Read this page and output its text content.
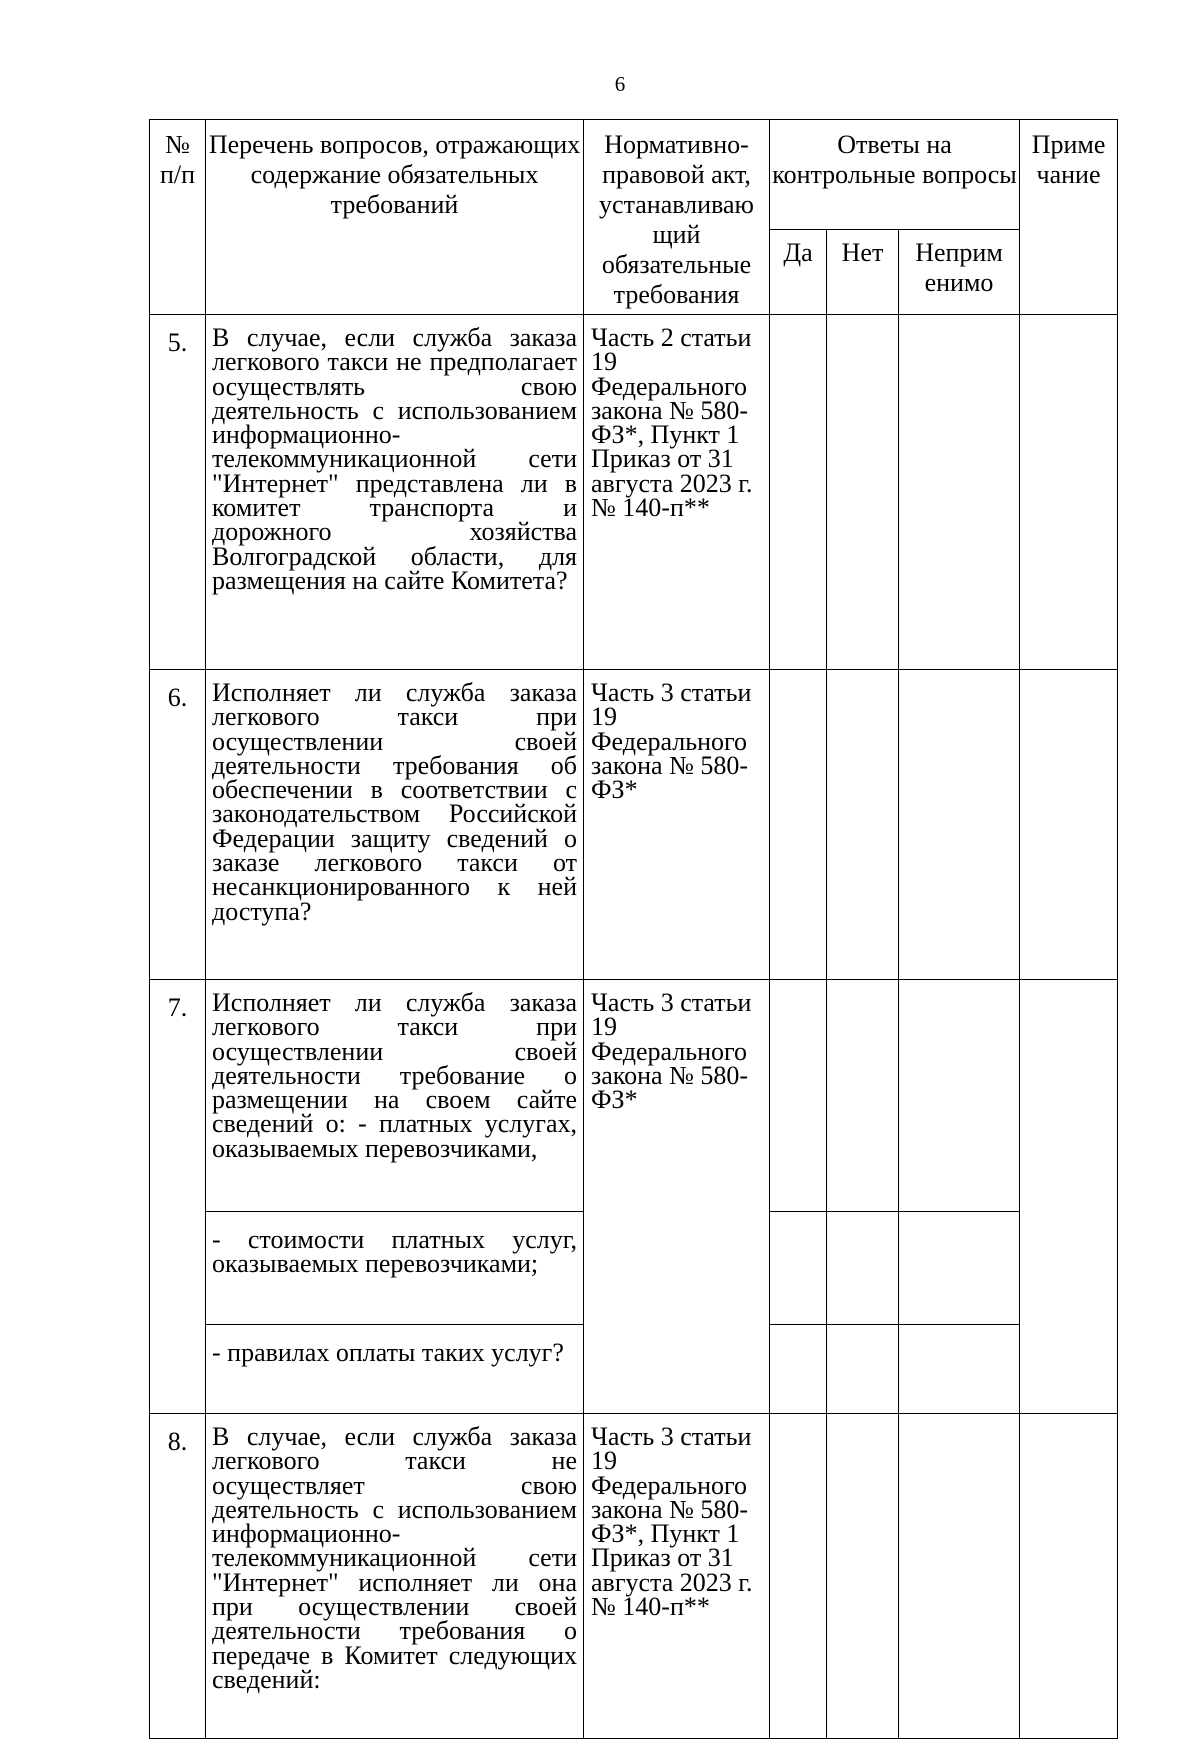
6
№ п/п	Перечень вопросов, отражающих содержание обязательных требований	Нормативно-правовой акт, устанавливаю щий обязательные требования	Ответы на контрольные вопросы			Приме чание
			Да	Нет	Неприм енимо	
5.	В случае, если служба заказа легкового такси не предполагает осуществлять свою деятельность с использованием информационно-телекоммуникационной сети "Интернет" представлена ли в комитет транспорта и дорожного хозяйства Волгоградской области, для размещения на сайте Комитета?	Часть 2 статьи 19 Федерального закона № 580-ФЗ*, Пункт 1 Приказ от 31 августа 2023 г. № 140-п**				
6.	Исполняет ли служба заказа легкового такси при осуществлении своей деятельности требования об обеспечении в соответствии с законодательством Российской Федерации защиту сведений о заказе легкового такси от несанкционированного к ней доступа?	Часть 3 статьи 19 Федерального закона № 580-ФЗ*				
7.	Исполняет ли служба заказа легкового такси при осуществлении своей деятельности требование о размещении на своем сайте сведений о: - платных услугах, оказываемых перевозчиками,	Часть 3 статьи 19 Федерального закона № 580-ФЗ*				
	- стоимости платных услуг, оказываемых перевозчиками;					
	- правилах оплаты таких услуг?					
8.	В случае, если служба заказа легкового такси не осуществляет свою деятельность с использованием информационно-телекоммуникационной сети "Интернет" исполняет ли она при осуществлении своей деятельности требования о передаче в Комитет следующих сведений:	Часть 3 статьи 19 Федерального закона № 580-ФЗ*, Пункт 1 Приказ от 31 августа 2023 г. № 140-п**				
